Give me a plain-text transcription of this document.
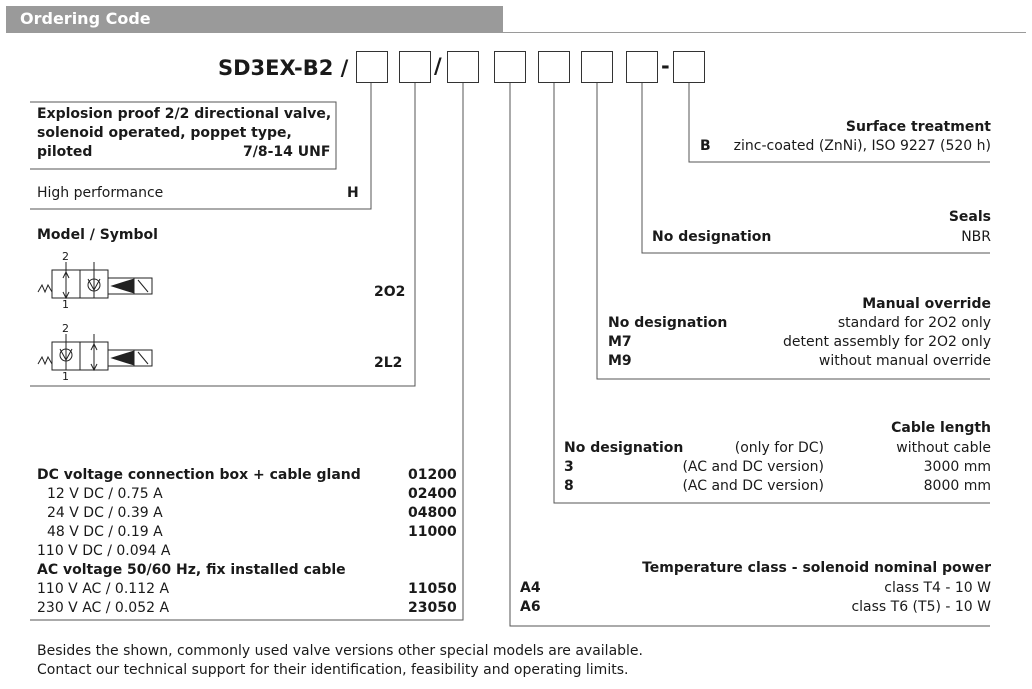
Ordering Code
SD3EX-B2 /	/	-
Explosion proof 2/2 directional valve,
solenoid operated, poppet type,
piloted	7/8-14 UNF
High performance	H
Model / Symbol
2
1
2O2
2
1
2L2
DC voltage connection box + cable gland	01200
12 V DC / 0.75 A	02400
24 V DC / 0.39 A	04800
48 V DC / 0.19 A	11000
110 V DC / 0.094 A
AC voltage 50/60 Hz, fix installed cable
110 V AC / 0.112 A	11050
230 V AC / 0.052 A	23050
Surface treatment
B zinc-coated (ZnNi), ISO 9227 (520 h)
Seals
No designation	NBR
Manual override
No designation	standard for 2O2 only
M7	detent assembly for 2O2 only
M9	without manual override
Cable length
No designation	(only for DC)	without cable
3	(AC and DC version)	3000 mm
8	(AC and DC version)	8000 mm
Temperature class - solenoid nominal power
A4	class T4 - 10 W
A6	class T6 (T5) - 10 W
Besides the shown, commonly used valve versions other special models are available.
Contact our technical support for their identification, feasibility and operating limits.
